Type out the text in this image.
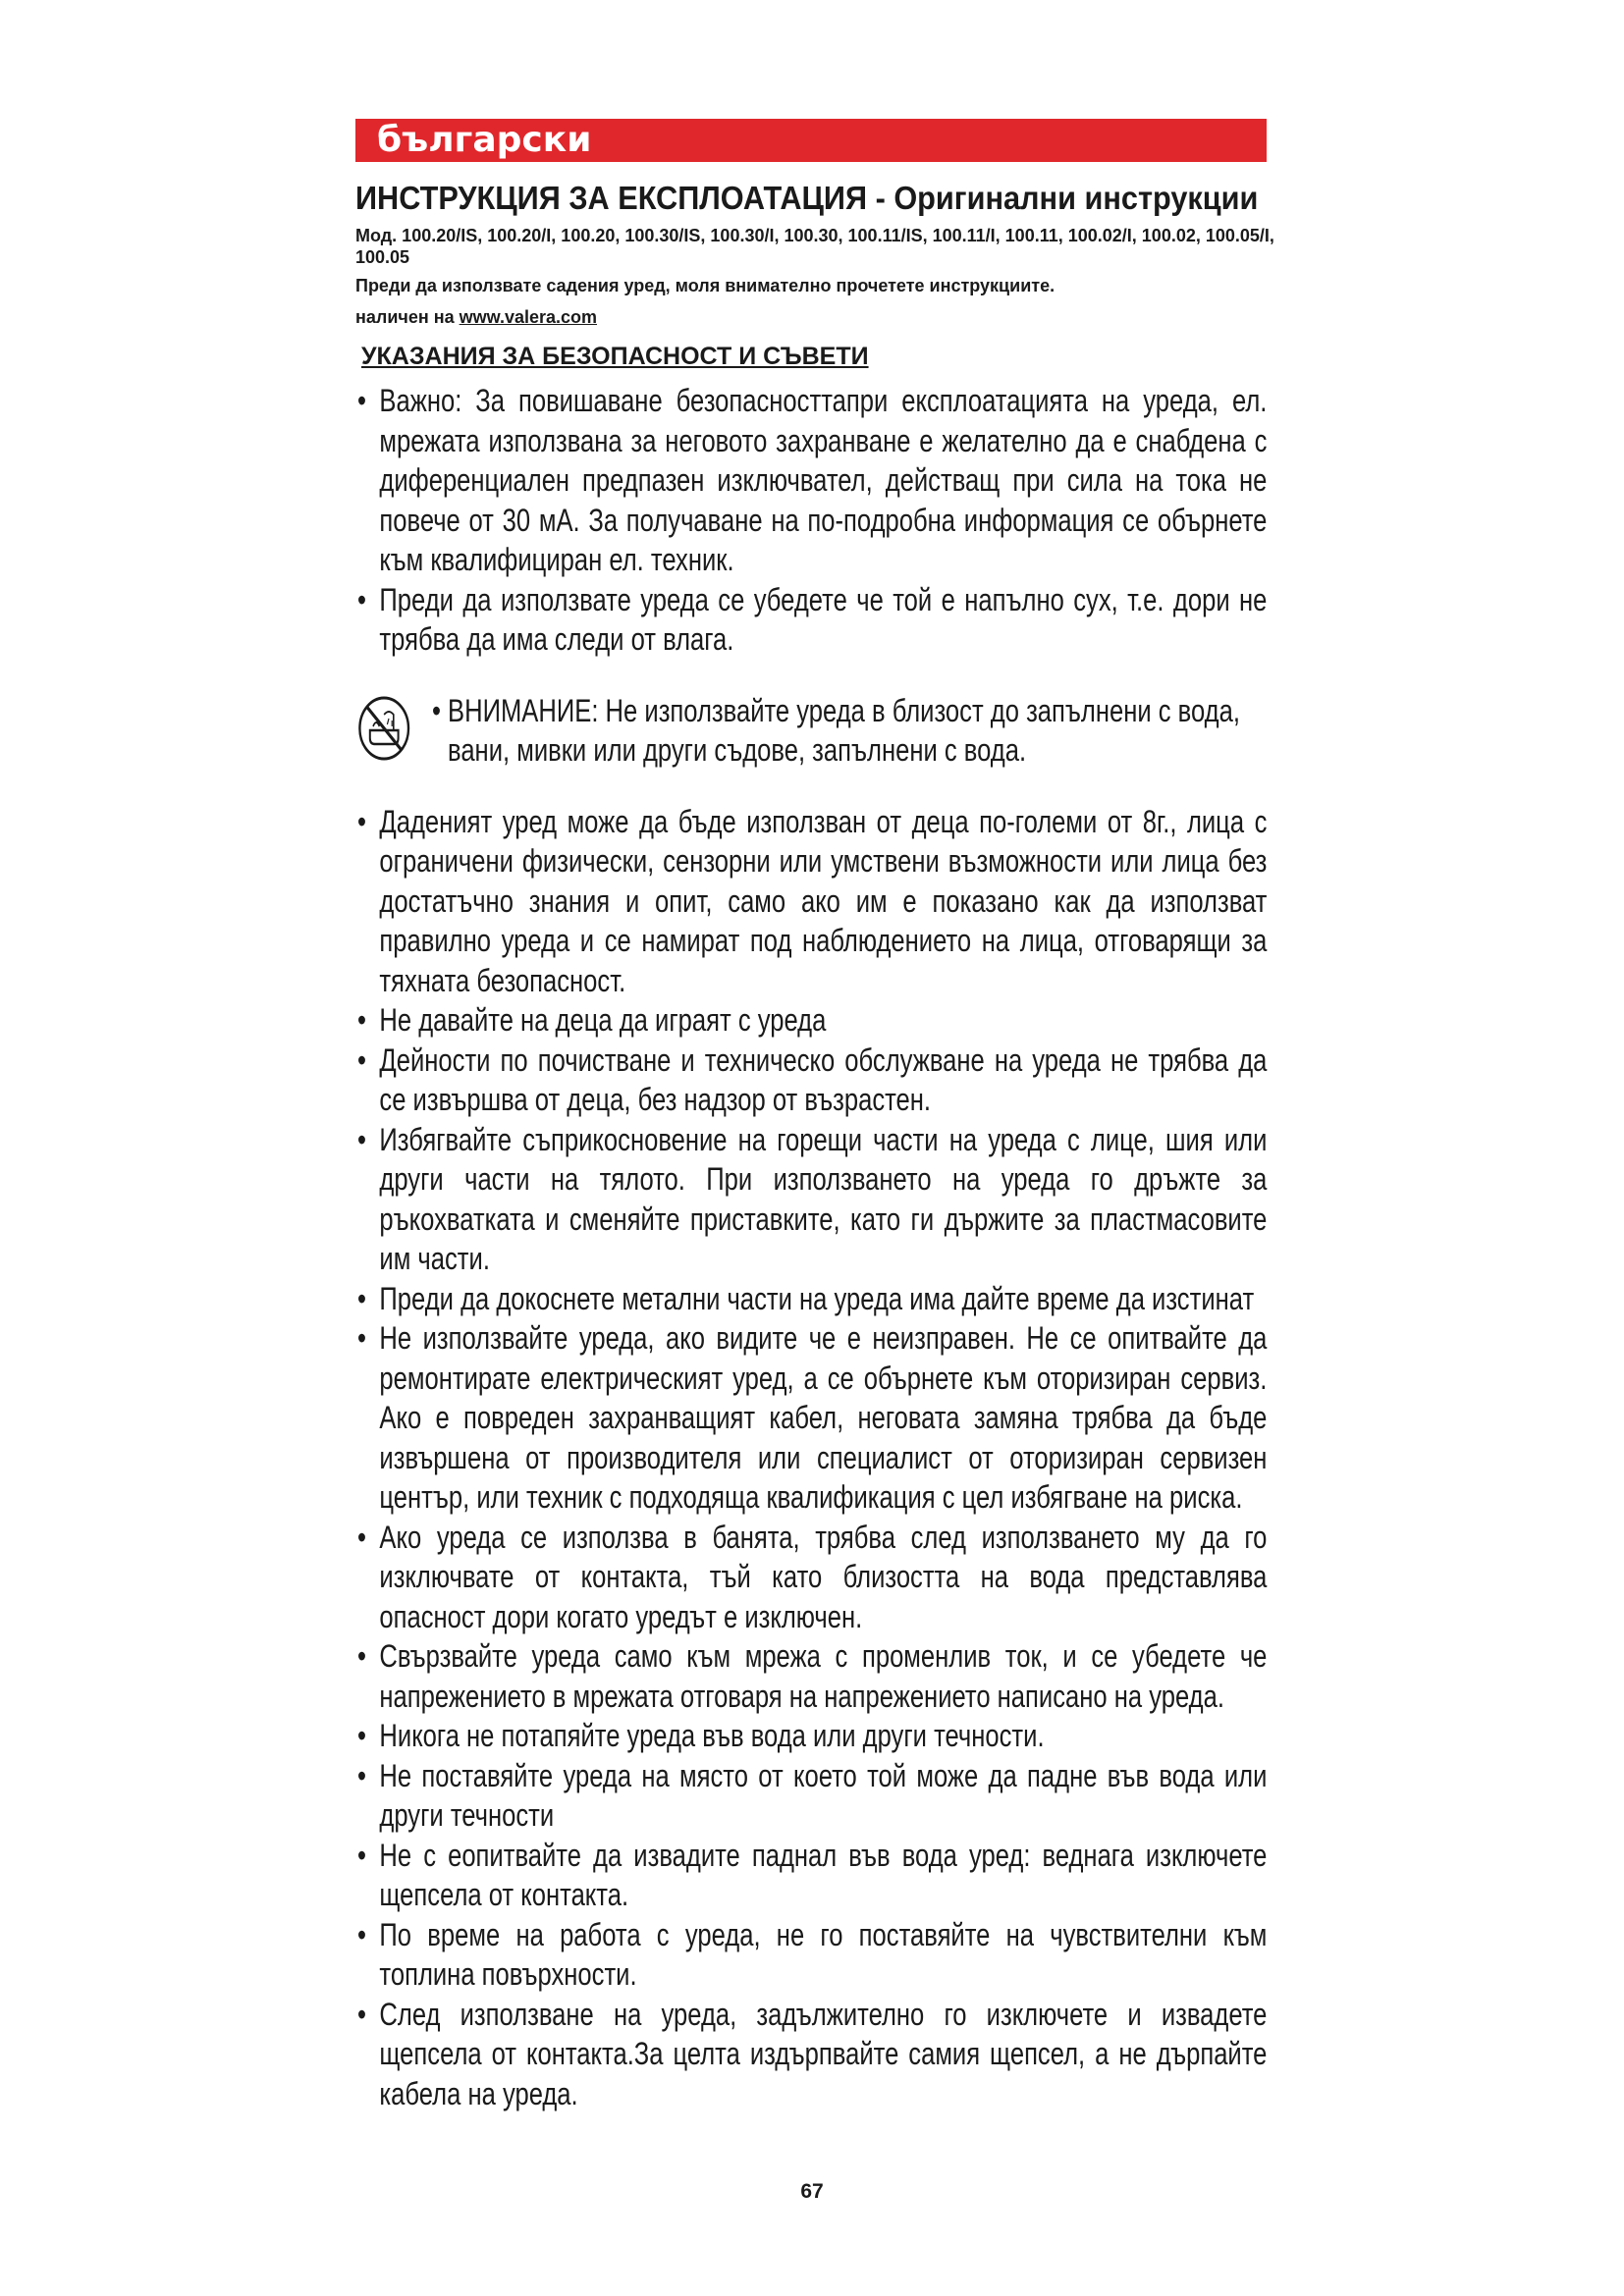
български
ИНСТРУКЦИЯ ЗА ЕКСПЛОАТАЦИЯ - Оригинални инструкции
Мод. 100.20/IS, 100.20/I, 100.20, 100.30/IS, 100.30/I, 100.30, 100.11/IS, 100.11/I, 100.11, 100.02/I, 100.02, 100.05/I, 100.05
Преди да използвате садения уред, моля внимателно прочетете инструкциите.
наличен на www.valera.com
УКАЗАНИЯ ЗА БЕЗОПАСНОСТ И СЪВЕТИ

• Важно: За повишаване безопасносттапри експлоатацията на уреда, ел. мрежата използвана за неговото захранване е желателно да е снабдена с диференциален предпазен изключвател, действащ при сила на тока не повече от 30 мА. За получаване на по-подробна информация се обърнете към квалифициран ел. техник.

• Преди да използвате уреда се убедете че той е напълно сух, т.е. дори не трябва да има следи от влага.

• ВНИМАНИЕ: Не използвайте уреда в близост до запълнени с вода, вани, мивки или други съдове, запълнени с вода.

• Даденият уред може да бъде използван от деца по-големи от 8г., лица с ограничени физически, сензорни или умствени възможности или лица без достатъчно знания и опит, само ако им е показано как да използват правилно уреда и се намират под наблюдението на лица, отговарящи за тяхната безопасност.

• Не давайте на деца да играят с уреда

• Дейности по почистване и техническо обслужване на уреда не трябва да се извършва от деца, без надзор от възрастен.

• Избягвайте съприкосновение на горещи части на уреда с лице, шия или други части на тялото. При използването на уреда го дръжте за ръкохватката и сменяйте приставките, като ги държите за пластмасовите им части.

• Преди да докоснете метални части на уреда има дайте време да изстинат

• Не използвайте уреда, ако видите че е неизправен. Не се опитвайте да ремонтирате електрическият уред, а се обърнете към оторизиран сервиз. Ако е повреден захранващият кабел, неговата замяна трябва да бъде извършена от производителя или специалист от оторизиран сервизен център, или техник с подходяща квалификация с цел избягване на риска.

• Ако уреда се използва в банята, трябва след използването му да го изключвате от контакта, тъй като близостта на вода представлява опасност дори когато уредът е изключен.

• Свързвайте уреда само към мрежа с променлив ток, и се убедете че напрежението в мрежата отговаря на напрежението написано на уреда.

• Никога не потапяйте уреда във вода или други течности.

• Не поставяйте уреда на място от което той може да падне във вода или други течности

• Не с еопитвайте да извадите паднал във вода уред: веднага изключете щепсела от контакта.

• По време на работа с уреда, не го поставяйте на чувствителни към топлина повърхности.

• След използване на уреда, задължително го изключете и извадете щепсела от контакта.За целта издърпвайте самия щепсел, а не дърпайте кабела на уреда.

67
